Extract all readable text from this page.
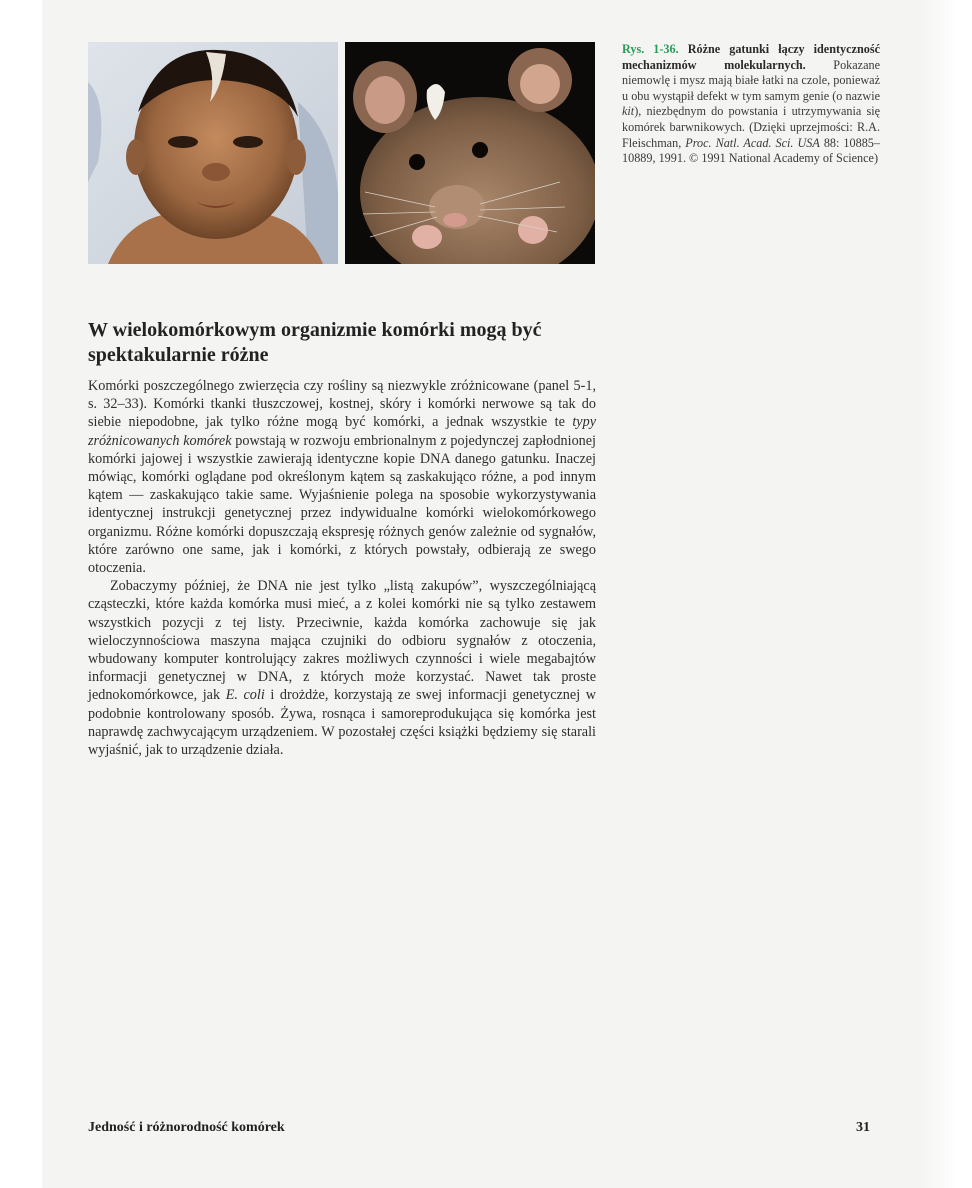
Rys. 1-36. Różne gatunki łączy identyczność mechanizmów molekularnych. Pokazane niemowlę i mysz mają białe łatki na czole, ponieważ u obu wystąpił defekt w tym samym genie (o nazwie kit), niezbędnym do powstania i utrzymywania się komórek barwnikowych. (Dzięki uprzejmości: R.A. Fleischman, Proc. Natl. Acad. Sci. USA 88: 10885–10889, 1991. © 1991 National Academy of Science)
W wielokomórkowym organizmie komórki mogą być spektakularnie różne

Komórki poszczególnego zwierzęcia czy rośliny są niezwykle zróżnicowane (panel 5-1, s. 32–33). Komórki tkanki tłuszczowej, kostnej, skóry i komórki nerwowe są tak do siebie niepodobne, jak tylko różne mogą być komórki, a jednak wszystkie te typy zróżnicowanych komórek powstają w rozwoju embrionalnym z pojedynczej zapłodnionej komórki jajowej i wszystkie zawierają identyczne kopie DNA danego gatunku. Inaczej mówiąc, komórki oglądane pod określonym kątem są zaskakująco różne, a pod innym kątem — zaskakująco takie same. Wyjaśnienie polega na sposobie wykorzystywania identycznej instrukcji genetycznej przez indywidualne komórki wielokomórkowego organizmu. Różne komórki dopuszczają ekspresję różnych genów zależnie od sygnałów, które zarówno one same, jak i komórki, z których powstały, odbierają ze swego otoczenia.

Zobaczymy później, że DNA nie jest tylko „listą zakupów”, wyszczególniającą cząsteczki, które każda komórka musi mieć, a z kolei komórki nie są tylko zestawem wszystkich pozycji z tej listy. Przeciwnie, każda komórka zachowuje się jak wieloczynnościowa maszyna mająca czujniki do odbioru sygnałów z otoczenia, wbudowany komputer kontrolujący zakres możliwych czynności i wiele megabajtów informacji genetycznej w DNA, z których może korzystać. Nawet tak proste jednokomórkowce, jak E. coli i drożdże, korzystają ze swej informacji genetycznej w podobnie kontrolowany sposób. Żywa, rosnąca i samoreprodukująca się komórka jest naprawdę zachwycającym urządzeniem. W pozostałej części książki będziemy się starali wyjaśnić, jak to urządzenie działa.

Jedność i różnorodność komórek	31
